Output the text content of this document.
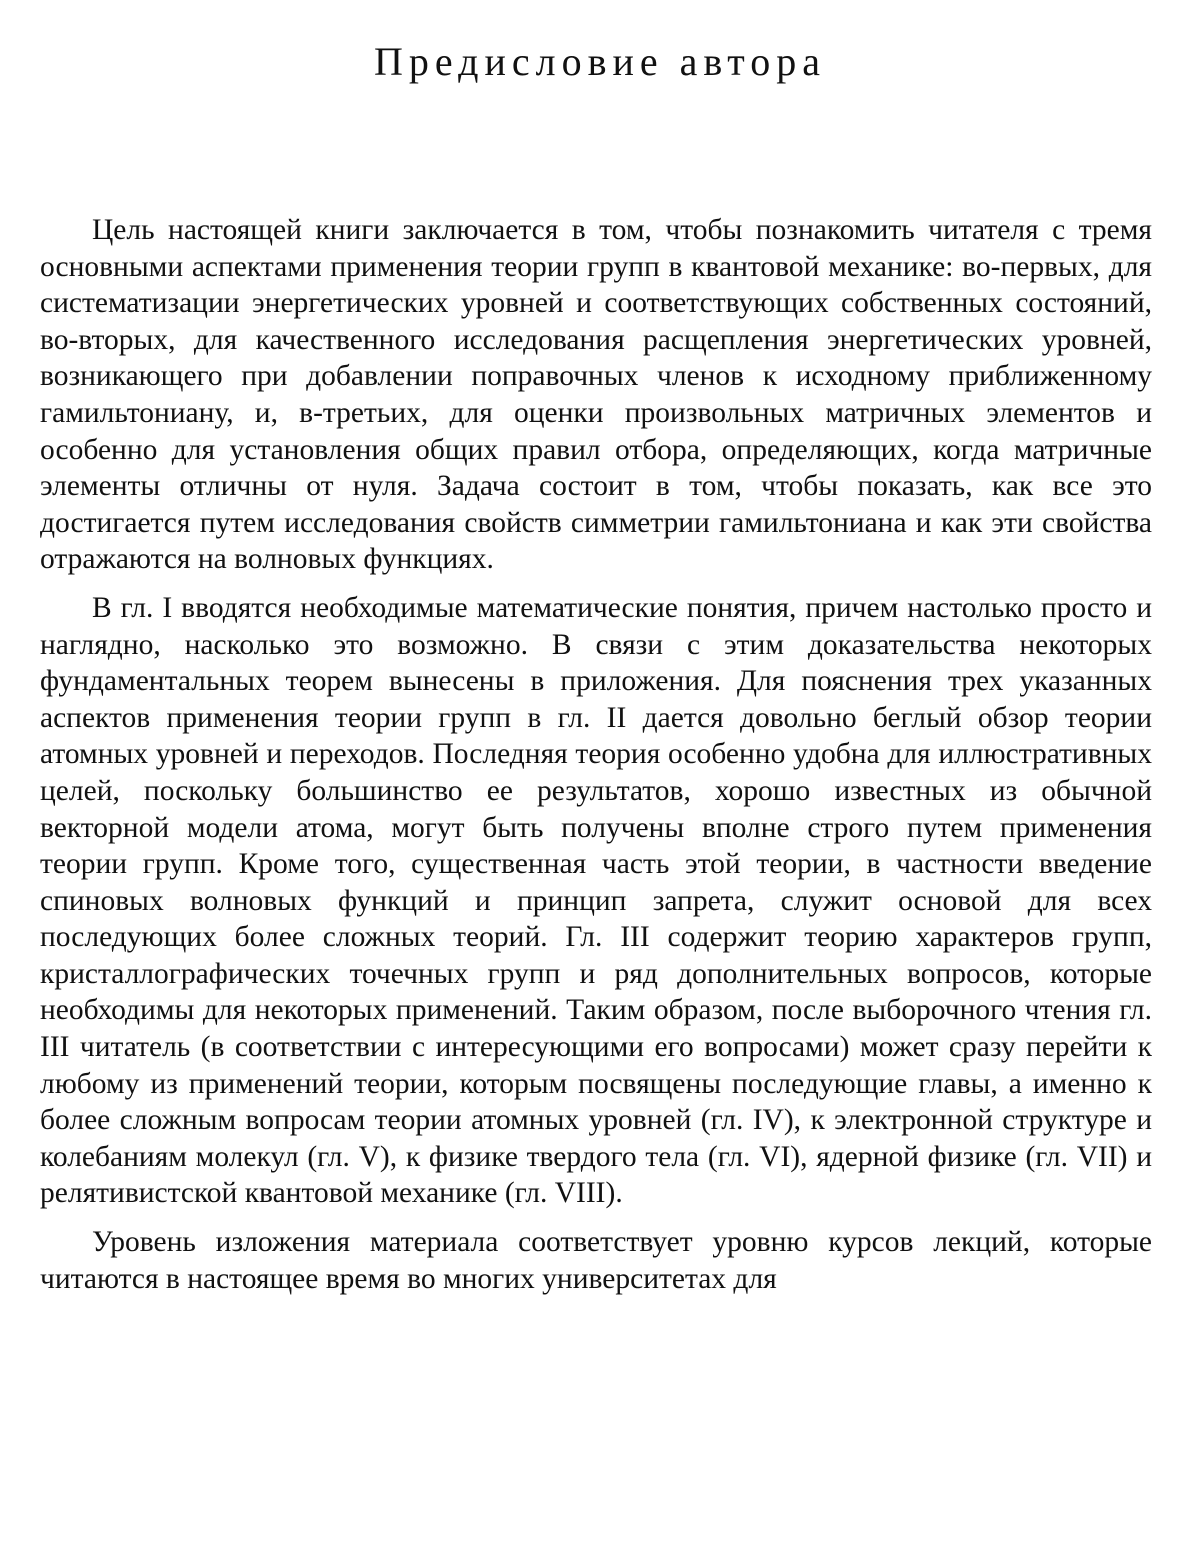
Предисловие автора

Цель настоящей книги заключается в том, чтобы познакомить читателя с тремя основными аспектами применения теории групп в квантовой механике: во-первых, для систематизации энергетических уровней и соответствующих собственных состояний, во-вторых, для качественного исследования расщепления энергетических уровней, возникающего при добавлении поправочных членов к исходному приближенному гамильтониану, и, в-третьих, для оценки произвольных матричных элементов и особенно для установления общих правил отбора, определяющих, когда матричные элементы отличны от нуля. Задача состоит в том, чтобы показать, как все это достигается путем исследования свойств симметрии гамильтониана и как эти свойства отражаются на волновых функциях.

В гл. I вводятся необходимые математические понятия, причем настолько просто и наглядно, насколько это возможно. В связи с этим доказательства некоторых фундаментальных теорем вынесены в приложения. Для пояснения трех указанных аспектов применения теории групп в гл. II дается довольно беглый обзор теории атомных уровней и переходов. Последняя теория особенно удобна для иллюстративных целей, поскольку большинство ее результатов, хорошо известных из обычной векторной модели атома, могут быть получены вполне строго путем применения теории групп. Кроме того, существенная часть этой теории, в частности введение спиновых волновых функций и принцип запрета, служит основой для всех последующих более сложных теорий. Гл. III содержит теорию характеров групп, кристаллографических точечных групп и ряд дополнительных вопросов, которые необходимы для некоторых применений. Таким образом, после выборочного чтения гл. III читатель (в соответствии с интересующими его вопросами) может сразу перейти к любому из применений теории, которым посвящены последующие главы, а именно к более сложным вопросам теории атомных уровней (гл. IV), к электронной структуре и колебаниям молекул (гл. V), к физике твердого тела (гл. VI), ядерной физике (гл. VII) и релятивистской квантовой механике (гл. VIII).

Уровень изложения материала соответствует уровню курсов лекций, которые читаются в настоящее время во многих университетах для
